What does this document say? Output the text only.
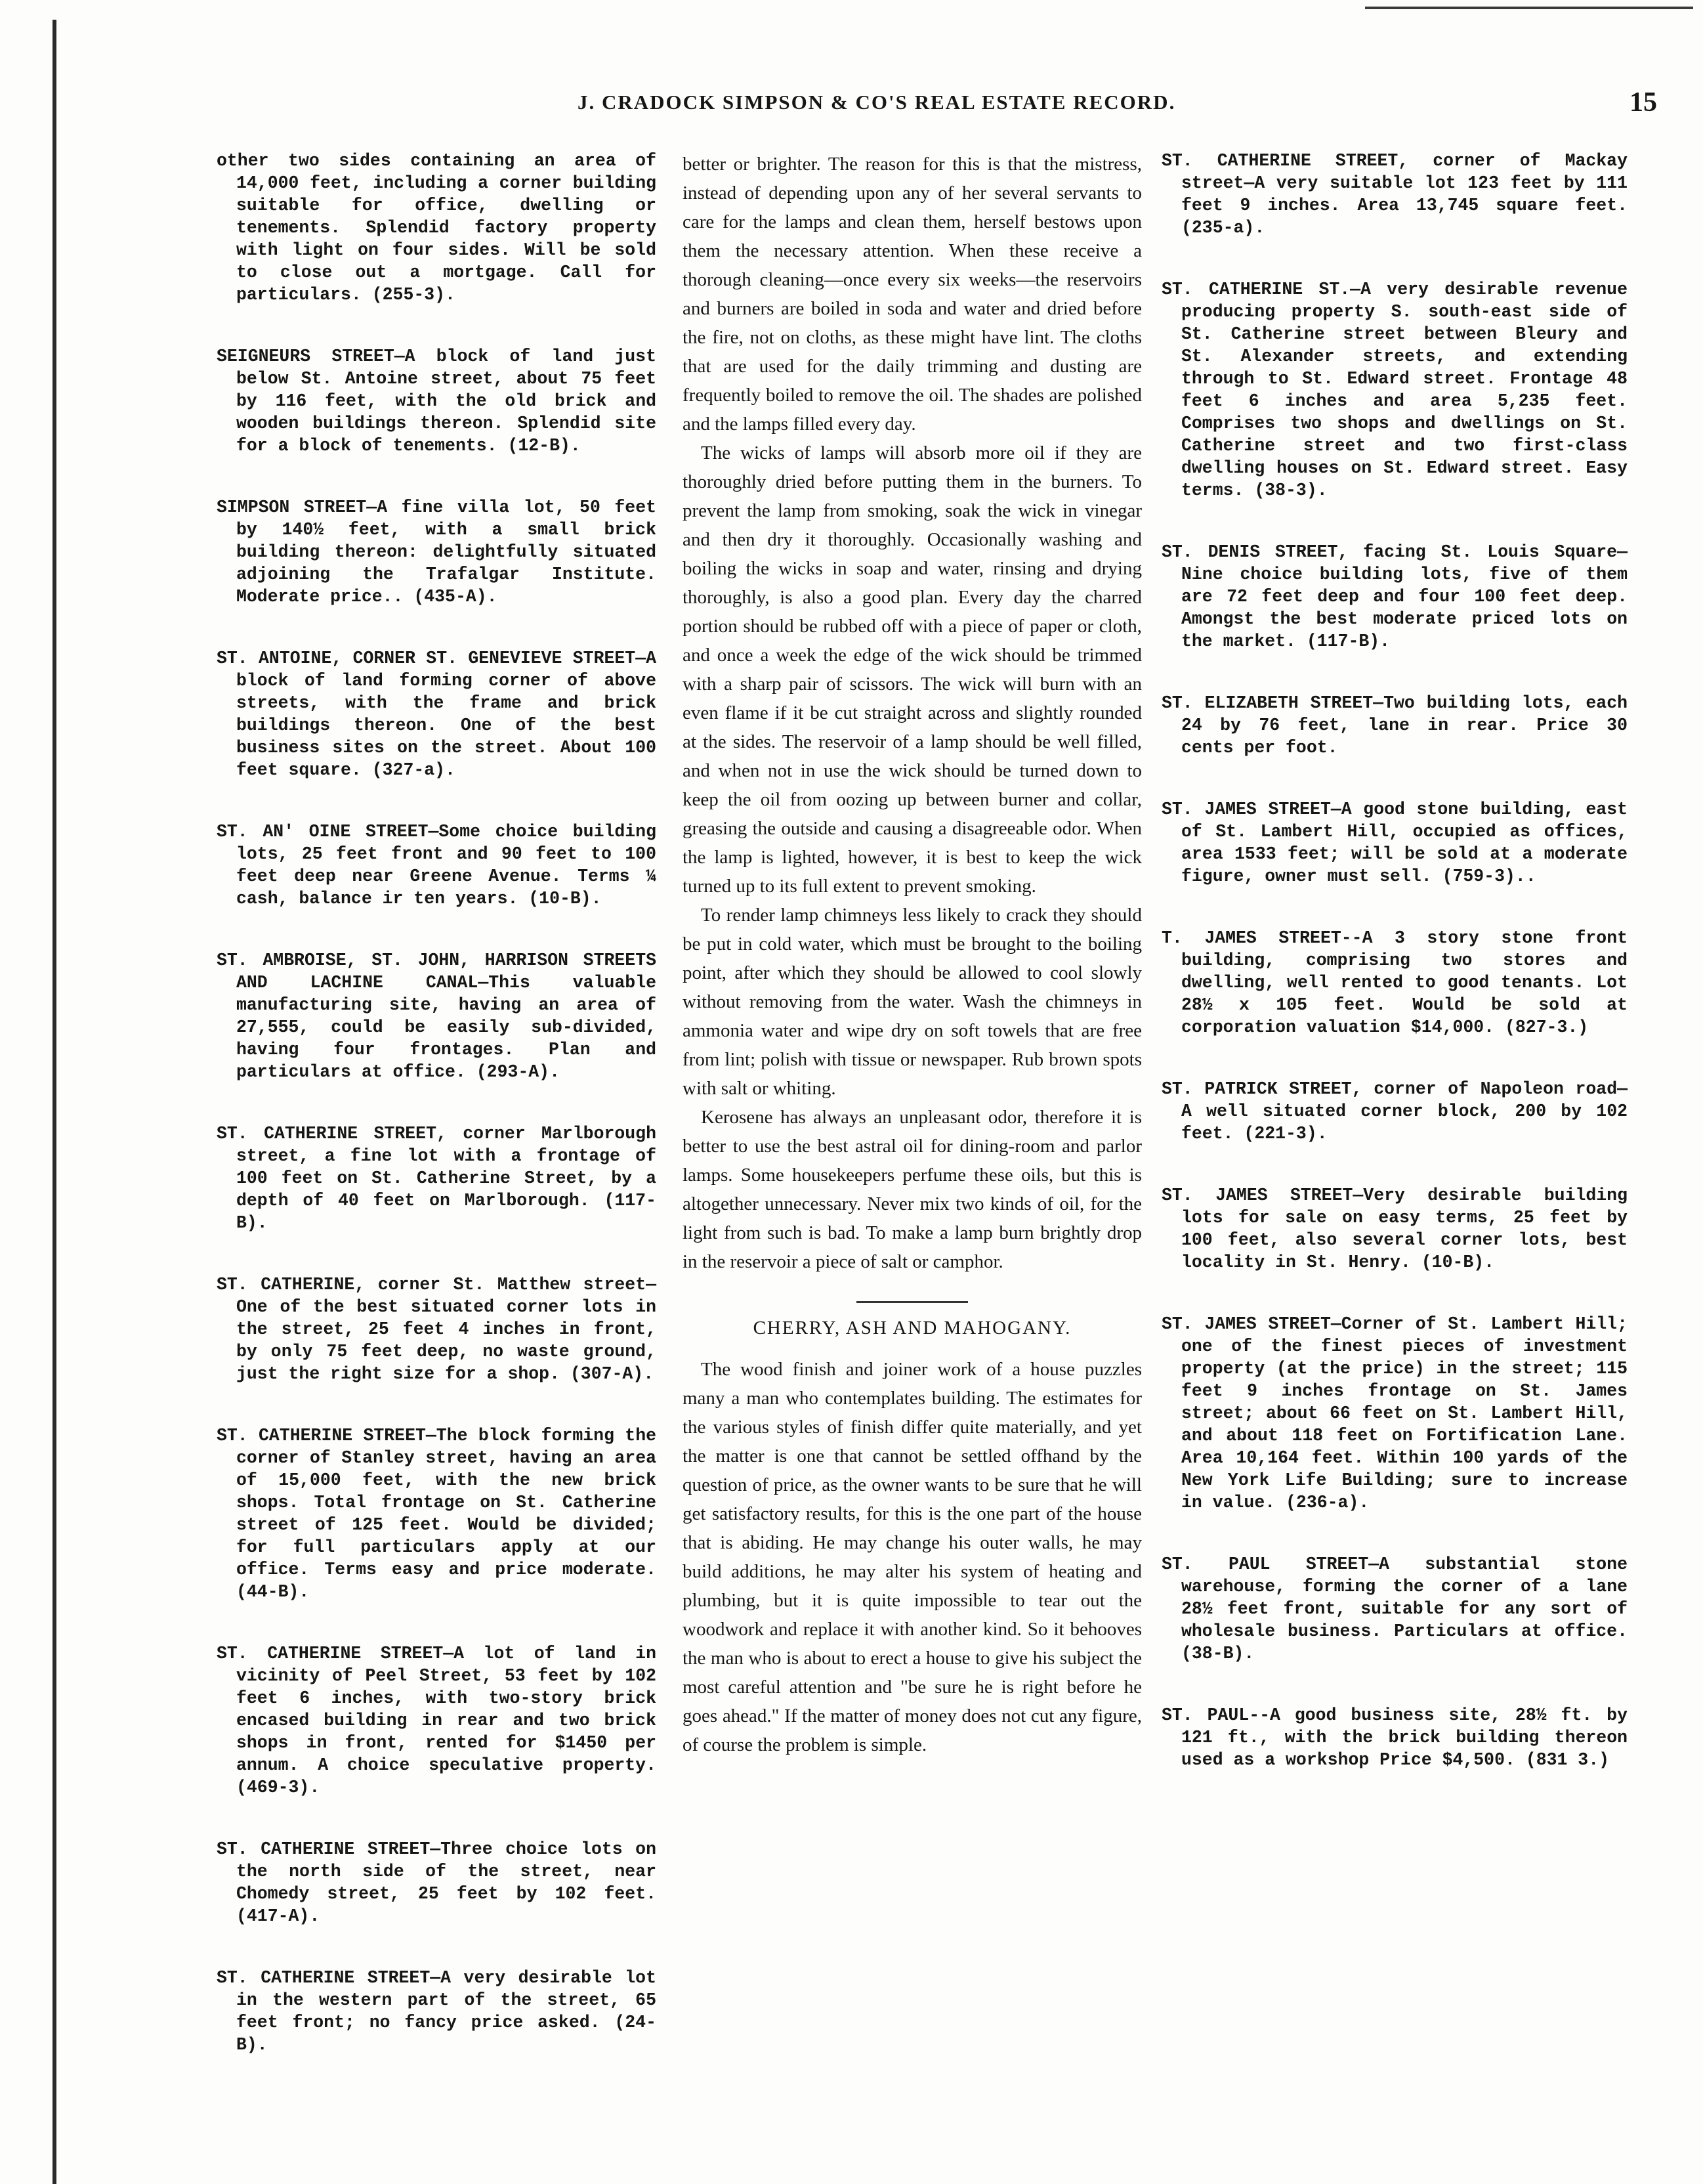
J. CRADOCK SIMPSON & CO'S REAL ESTATE RECORD.	15

other two sides containing an area of 14,000 feet, including a corner building suitable for office, dwelling or tenements. Splendid factory property with light on four sides. Will be sold to close out a mortgage. Call for particulars. (255-3).

SEIGNEURS STREET—A block of land just below St. Antoine street, about 75 feet by 116 feet, with the old brick and wooden buildings thereon. Splendid site for a block of tenements. (12-B).

SIMPSON STREET—A fine villa lot, 50 feet by 140½ feet, with a small brick building thereon: delightfully situated adjoining the Trafalgar Institute. Moderate price.. (435-A).

ST. ANTOINE, CORNER ST. GENEVIEVE STREET—A block of land forming corner of above streets, with the frame and brick buildings thereon. One of the best business sites on the street. About 100 feet square. (327-a).

ST. AN' OINE STREET—Some choice building lots, 25 feet front and 90 feet to 100 feet deep near Greene Avenue. Terms ¼ cash, balance ir ten years. (10-B).

ST. AMBROISE, ST. JOHN, HARRISON STREETS AND LACHINE CANAL—This valuable manufacturing site, having an area of 27,555, could be easily sub-divided, having four frontages. Plan and particulars at office. (293-A).

ST. CATHERINE STREET, corner Marlborough street, a fine lot with a frontage of 100 feet on St. Catherine Street, by a depth of 40 feet on Marlborough. (117-B).

ST. CATHERINE, corner St. Matthew street—One of the best situated corner lots in the street, 25 feet 4 inches in front, by only 75 feet deep, no waste ground, just the right size for a shop. (307-A).

ST. CATHERINE STREET—The block forming the corner of Stanley street, having an area of 15,000 feet, with the new brick shops. Total frontage on St. Catherine street of 125 feet. Would be divided; for full particulars apply at our office. Terms easy and price moderate. (44-B).

ST. CATHERINE STREET—A lot of land in vicinity of Peel Street, 53 feet by 102 feet 6 inches, with two-story brick encased building in rear and two brick shops in front, rented for $1450 per annum. A choice speculative property. (469-3).

ST. CATHERINE STREET—Three choice lots on the north side of the street, near Chomedy street, 25 feet by 102 feet. (417-A).

ST. CATHERINE STREET—A very desirable lot in the western part of the street, 65 feet front; no fancy price asked. (24-B).

better or brighter. The reason for this is that the mistress, instead of depending upon any of her several servants to care for the lamps and clean them, herself bestows upon them the necessary attention. When these receive a thorough cleaning—once every six weeks—the reservoirs and burners are boiled in soda and water and dried before the fire, not on cloths, as these might have lint. The cloths that are used for the daily trimming and dusting are frequently boiled to remove the oil. The shades are polished and the lamps filled every day.

The wicks of lamps will absorb more oil if they are thoroughly dried before putting them in the burners. To prevent the lamp from smoking, soak the wick in vinegar and then dry it thoroughly. Occasionally washing and boiling the wicks in soap and water, rinsing and drying thoroughly, is also a good plan. Every day the charred portion should be rubbed off with a piece of paper or cloth, and once a week the edge of the wick should be trimmed with a sharp pair of scissors. The wick will burn with an even flame if it be cut straight across and slightly rounded at the sides. The reservoir of a lamp should be well filled, and when not in use the wick should be turned down to keep the oil from oozing up between burner and collar, greasing the outside and causing a disagreeable odor. When the lamp is lighted, however, it is best to keep the wick turned up to its full extent to prevent smoking.

To render lamp chimneys less likely to crack they should be put in cold water, which must be brought to the boiling point, after which they should be allowed to cool slowly without removing from the water. Wash the chimneys in ammonia water and wipe dry on soft towels that are free from lint; polish with tissue or newspaper. Rub brown spots with salt or whiting.

Kerosene has always an unpleasant odor, therefore it is better to use the best astral oil for dining-room and parlor lamps. Some housekeepers perfume these oils, but this is altogether unnecessary. Never mix two kinds of oil, for the light from such is bad. To make a lamp burn brightly drop in the reservoir a piece of salt or camphor.

CHERRY, ASH AND MAHOGANY.

The wood finish and joiner work of a house puzzles many a man who contemplates building. The estimates for the various styles of finish differ quite materially, and yet the matter is one that cannot be settled offhand by the question of price, as the owner wants to be sure that he will get satisfactory results, for this is the one part of the house that is abiding. He may change his outer walls, he may build additions, he may alter his system of heating and plumbing, but it is quite impossible to tear out the woodwork and replace it with another kind. So it behooves the man who is about to erect a house to give his subject the most careful attention and "be sure he is right before he goes ahead." If the matter of money does not cut any figure, of course the problem is simple.

ST. CATHERINE STREET, corner of Mackay street—A very suitable lot 123 feet by 111 feet 9 inches. Area 13,745 square feet. (235-a).

ST. CATHERINE ST.—A very desirable revenue producing property S. south-east side of St. Catherine street between Bleury and St. Alexander streets, and extending through to St. Edward street. Frontage 48 feet 6 inches and area 5,235 feet. Comprises two shops and dwellings on St. Catherine street and two first-class dwelling houses on St. Edward street. Easy terms. (38-3).

ST. DENIS STREET, facing St. Louis Square—Nine choice building lots, five of them are 72 feet deep and four 100 feet deep. Amongst the best moderate priced lots on the market. (117-B).

ST. ELIZABETH STREET—Two building lots, each 24 by 76 feet, lane in rear. Price 30 cents per foot.

ST. JAMES STREET—A good stone building, east of St. Lambert Hill, occupied as offices, area 1533 feet; will be sold at a moderate figure, owner must sell. (759-3)..

T. JAMES STREET--A 3 story stone front building, comprising two stores and dwelling, well rented to good tenants. Lot 28½ x 105 feet. Would be sold at corporation valuation $14,000. (827-3.)

ST. PATRICK STREET, corner of Napoleon road—A well situated corner block, 200 by 102 feet. (221-3).

ST. JAMES STREET—Very desirable building lots for sale on easy terms, 25 feet by 100 feet, also several corner lots, best locality in St. Henry. (10-B).

ST. JAMES STREET—Corner of St. Lambert Hill; one of the finest pieces of investment property (at the price) in the street; 115 feet 9 inches frontage on St. James street; about 66 feet on St. Lambert Hill, and about 118 feet on Fortification Lane. Area 10,164 feet. Within 100 yards of the New York Life Building; sure to increase in value. (236-a).

ST. PAUL STREET—A substantial stone warehouse, forming the corner of a lane 28½ feet front, suitable for any sort of wholesale business. Particulars at office. (38-B).

ST. PAUL--A good business site, 28½ ft. by 121 ft., with the brick building thereon used as a workshop Price $4,500. (831 3.)
